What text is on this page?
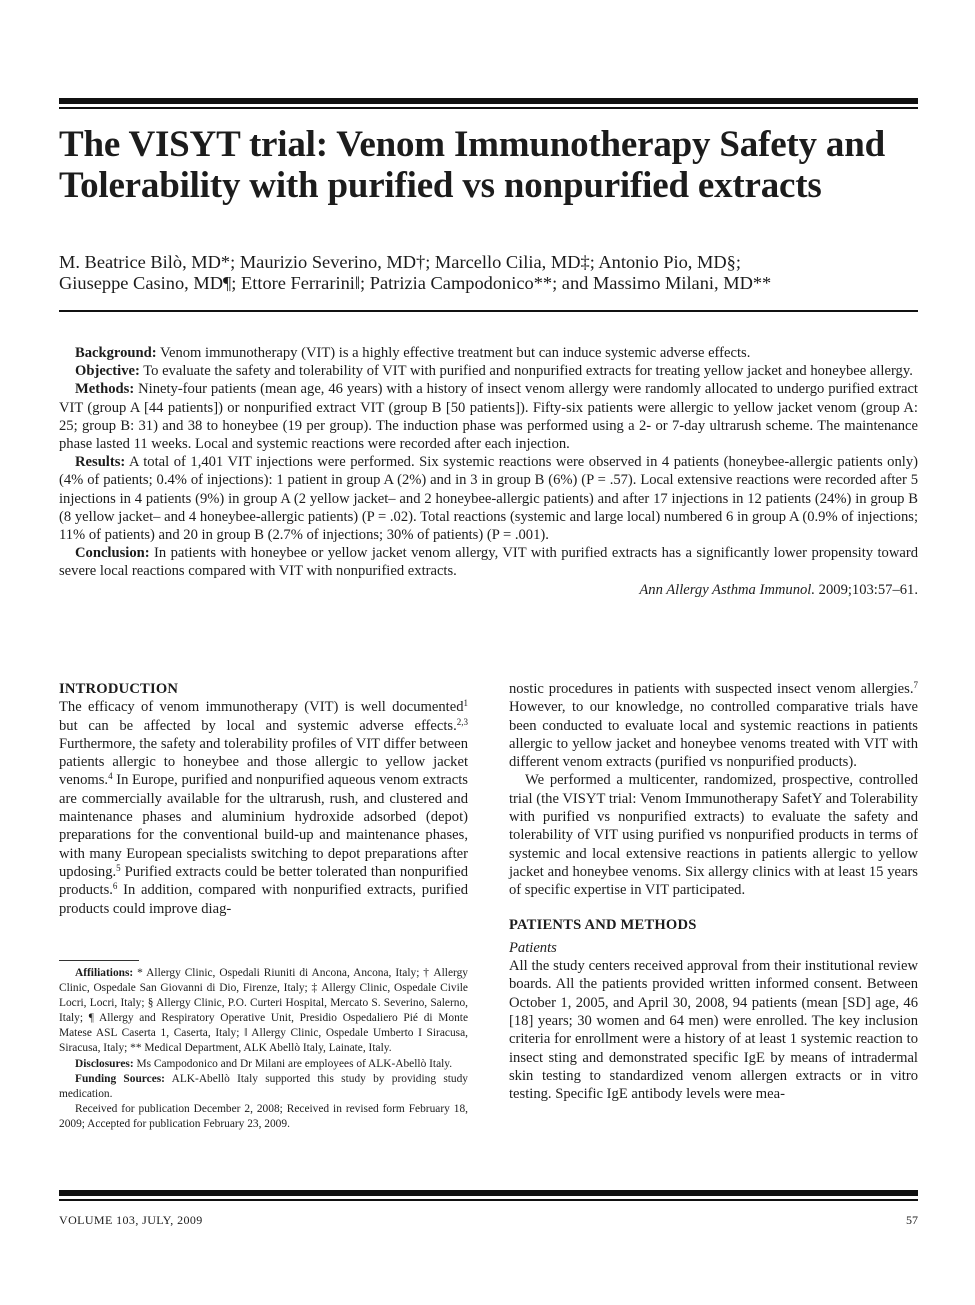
The VISYT trial: Venom Immunotherapy Safety and Tolerability with purified vs nonpurified extracts
M. Beatrice Bilò, MD*; Maurizio Severino, MD†; Marcello Cilia, MD‡; Antonio Pio, MD§;
Giuseppe Casino, MD¶; Ettore Ferrarini‖; Patrizia Campodonico**; and Massimo Milani, MD**

Background: Venom immunotherapy (VIT) is a highly effective treatment but can induce systemic adverse effects.

Objective: To evaluate the safety and tolerability of VIT with purified and nonpurified extracts for treating yellow jacket and honeybee allergy.

Methods: Ninety-four patients (mean age, 46 years) with a history of insect venom allergy were randomly allocated to undergo purified extract VIT (group A [44 patients]) or nonpurified extract VIT (group B [50 patients]). Fifty-six patients were allergic to yellow jacket venom (group A: 25; group B: 31) and 38 to honeybee (19 per group). The induction phase was performed using a 2- or 7-day ultrarush scheme. The maintenance phase lasted 11 weeks. Local and systemic reactions were recorded after each injection.

Results: A total of 1,401 VIT injections were performed. Six systemic reactions were observed in 4 patients (honeybee-allergic patients only) (4% of patients; 0.4% of injections): 1 patient in group A (2%) and in 3 in group B (6%) (P = .57). Local extensive reactions were recorded after 5 injections in 4 patients (9%) in group A (2 yellow jacket– and 2 honeybee-allergic patients) and after 17 injections in 12 patients (24%) in group B (8 yellow jacket– and 4 honeybee-allergic patients) (P = .02). Total reactions (systemic and large local) numbered 6 in group A (0.9% of injections; 11% of patients) and 20 in group B (2.7% of injections; 30% of patients) (P = .001).

Conclusion: In patients with honeybee or yellow jacket venom allergy, VIT with purified extracts has a significantly lower propensity toward severe local reactions compared with VIT with nonpurified extracts.

Ann Allergy Asthma Immunol. 2009;103:57–61.

INTRODUCTION

The efficacy of venom immunotherapy (VIT) is well documented$^1$ but can be affected by local and systemic adverse effects.$^{2,3}$ Furthermore, the safety and tolerability profiles of VIT differ between patients allergic to honeybee and those allergic to yellow jacket venoms.$^4$ In Europe, purified and nonpurified aqueous venom extracts are commercially available for the ultrarush, rush, and clustered and maintenance phases and aluminium hydroxide adsorbed (depot) preparations for the conventional build-up and maintenance phases, with many European specialists switching to depot preparations after updosing.$^5$ Purified extracts could be better tolerated than nonpurified products.$^6$ In addition, compared with nonpurified extracts, purified products could improve diag-

Affiliations: * Allergy Clinic, Ospedali Riuniti di Ancona, Ancona, Italy; † Allergy Clinic, Ospedale San Giovanni di Dio, Firenze, Italy; ‡ Allergy Clinic, Ospedale Civile Locri, Locri, Italy; § Allergy Clinic, P.O. Curteri Hospital, Mercato S. Severino, Salerno, Italy; ¶ Allergy and Respiratory Operative Unit, Presidio Ospedaliero Pié di Monte Matese ASL Caserta 1, Caserta, Italy; ‖ Allergy Clinic, Ospedale Umberto I Siracusa, Siracusa, Italy; ** Medical Department, ALK Abellò Italy, Lainate, Italy.

Disclosures: Ms Campodonico and Dr Milani are employees of ALK-Abellò Italy.

Funding Sources: ALK-Abellò Italy supported this study by providing study medication.

Received for publication December 2, 2008; Received in revised form February 18, 2009; Accepted for publication February 23, 2009.

nostic procedures in patients with suspected insect venom allergies.$^7$ However, to our knowledge, no controlled comparative trials have been conducted to evaluate local and systemic reactions in patients allergic to yellow jacket and honeybee venoms treated with VIT with different venom extracts (purified vs nonpurified products).

We performed a multicenter, randomized, prospective, controlled trial (the VISYT trial: Venom Immunotherapy SafetY and Tolerability with purified vs nonpurified extracts) to evaluate the safety and tolerability of VIT using purified vs nonpurified products in terms of systemic and local extensive reactions in patients allergic to yellow jacket and honeybee venoms. Six allergy clinics with at least 15 years of specific expertise in VIT participated.

PATIENTS AND METHODS
Patients

All the study centers received approval from their institutional review boards. All the patients provided written informed consent. Between October 1, 2005, and April 30, 2008, 94 patients (mean [SD] age, 46 [18] years; 30 women and 64 men) were enrolled. The key inclusion criteria for enrollment were a history of at least 1 systemic reaction to insect sting and demonstrated specific IgE by means of intradermal skin testing to standardized venom allergen extracts or in vitro testing. Specific IgE antibody levels were mea-

VOLUME 103, JULY, 2009	57
